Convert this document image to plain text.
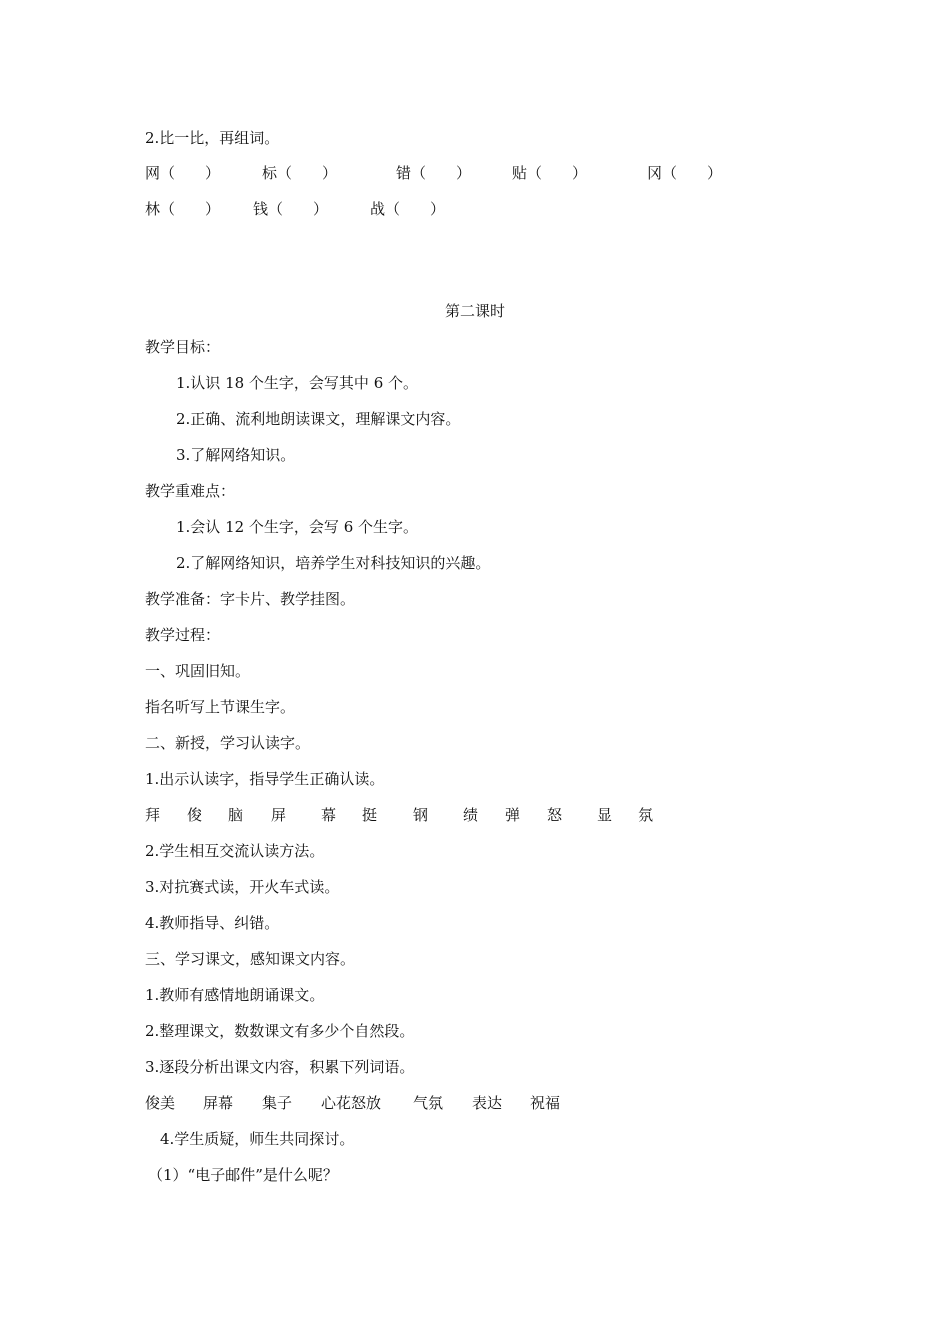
2.比一比，再组词。
网（　　）	标（　　）	错（　　）	贴（　　）	冈（　　）
林（　　） 钱（　　）	战（　　）
第二课时
教学目标：
1.认识 18 个生字，会写其中 6 个。
2.正确、流利地朗读课文，理解课文内容。
3.了解网络知识。
教学重难点：
1.会认 12 个生字，会写 6 个生字。
2.了解网络知识，培养学生对科技知识的兴趣。
教学准备：字卡片、教学挂图。
教学过程：
一、巩固旧知。
指名听写上节课生字。
二、新授，学习认读字。
1.出示认读字，指导学生正确认读。
拜 俊 脑 屏 幕 挺 钢 绩 弹 怒 显 氛
2.学生相互交流认读方法。
3.对抗赛式读，开火车式读。
4.教师指导、纠错。
三、学习课文，感知课文内容。
1.教师有感情地朗诵课文。
2.整理课文，数数课文有多少个自然段。
3.逐段分析出课文内容，积累下列词语。
俊美 屏幕 集子 心花怒放 气氛 表达 祝福
4.学生质疑，师生共同探讨。
（1）“电子邮件”是什么呢？
